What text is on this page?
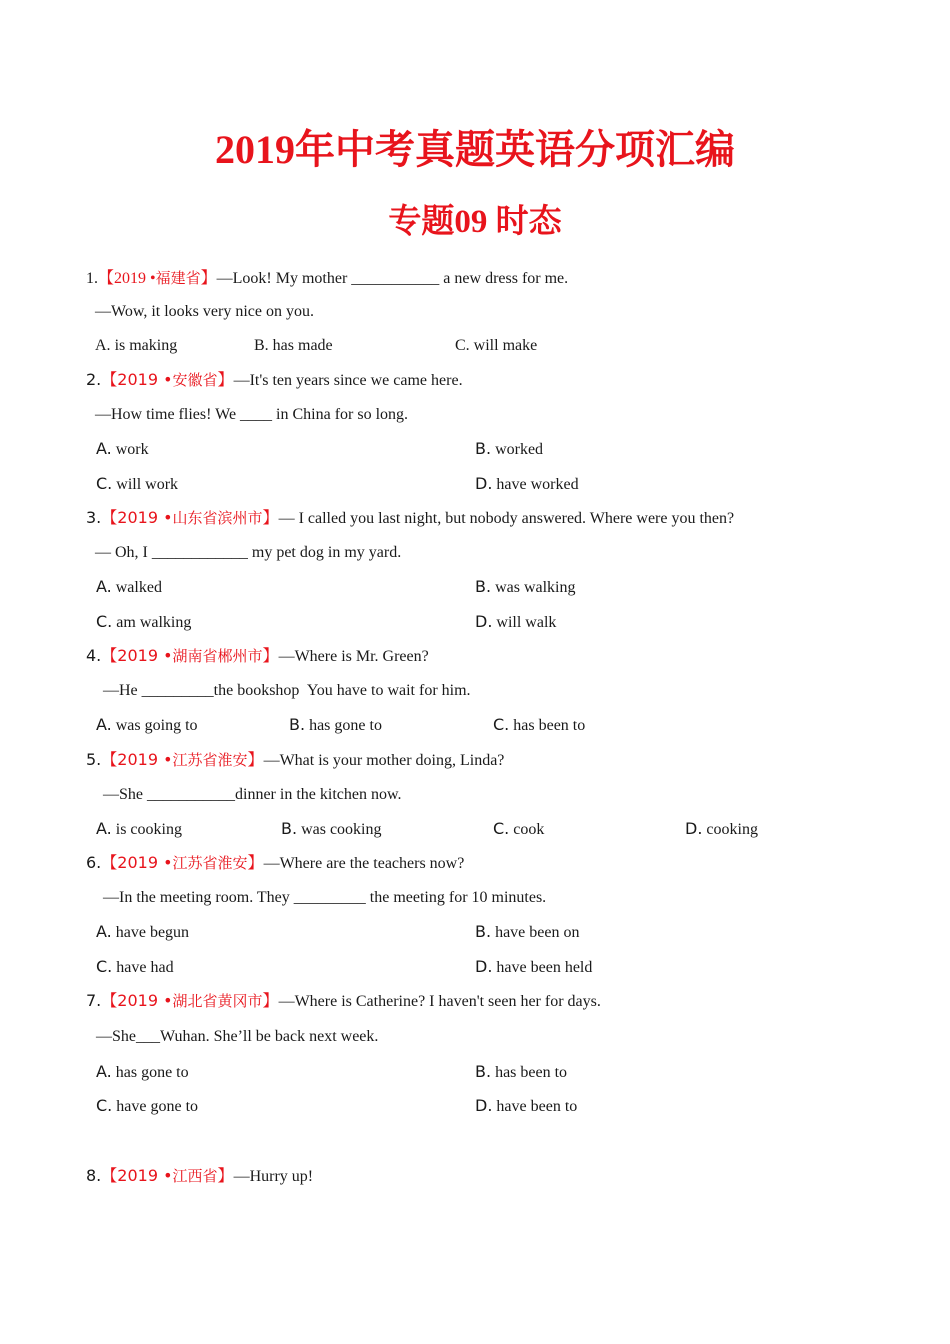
2019年中考真题英语分项汇编
专题09 时态
1.【2019 •福建省】—Look! My mother ___________ a new dress for me.
—Wow, it looks very nice on you.
A. is making	B. has made	C. will make
2.【2019 •安徽省】—It's ten years since we came here.
—How time flies! We ____ in China for so long.
A. work	B. worked
C. will work	D. have worked
3.【2019 •山东省滨州市】— I called you last night, but nobody answered. Where were you then?
— Oh, I ____________ my pet dog in my yard.
A. walked	B. was walking
C. am walking	D. will walk
4.【2019 •湖南省郴州市】—Where is Mr. Green?
—He _________the bookshop  You have to wait for him.
A. was going to	B. has gone to	C. has been to
5.【2019 •江苏省淮安】—What is your mother doing, Linda?
—She ___________dinner in the kitchen now.
A. is cooking	B. was cooking	C. cook	D. cooking
6.【2019 •江苏省淮安】—Where are the teachers now?
—In the meeting room. They _________ the meeting for 10 minutes.
A. have begun	B. have been on
C. have had	D. have been held
7.【2019 •湖北省黄冈市】—Where is Catherine? I haven't seen her for days.
—She___Wuhan. She’ll be back next week.
A. has gone to	B. has been to
C. have gone to	D. have been to
8.【2019 •江西省】—Hurry up!
